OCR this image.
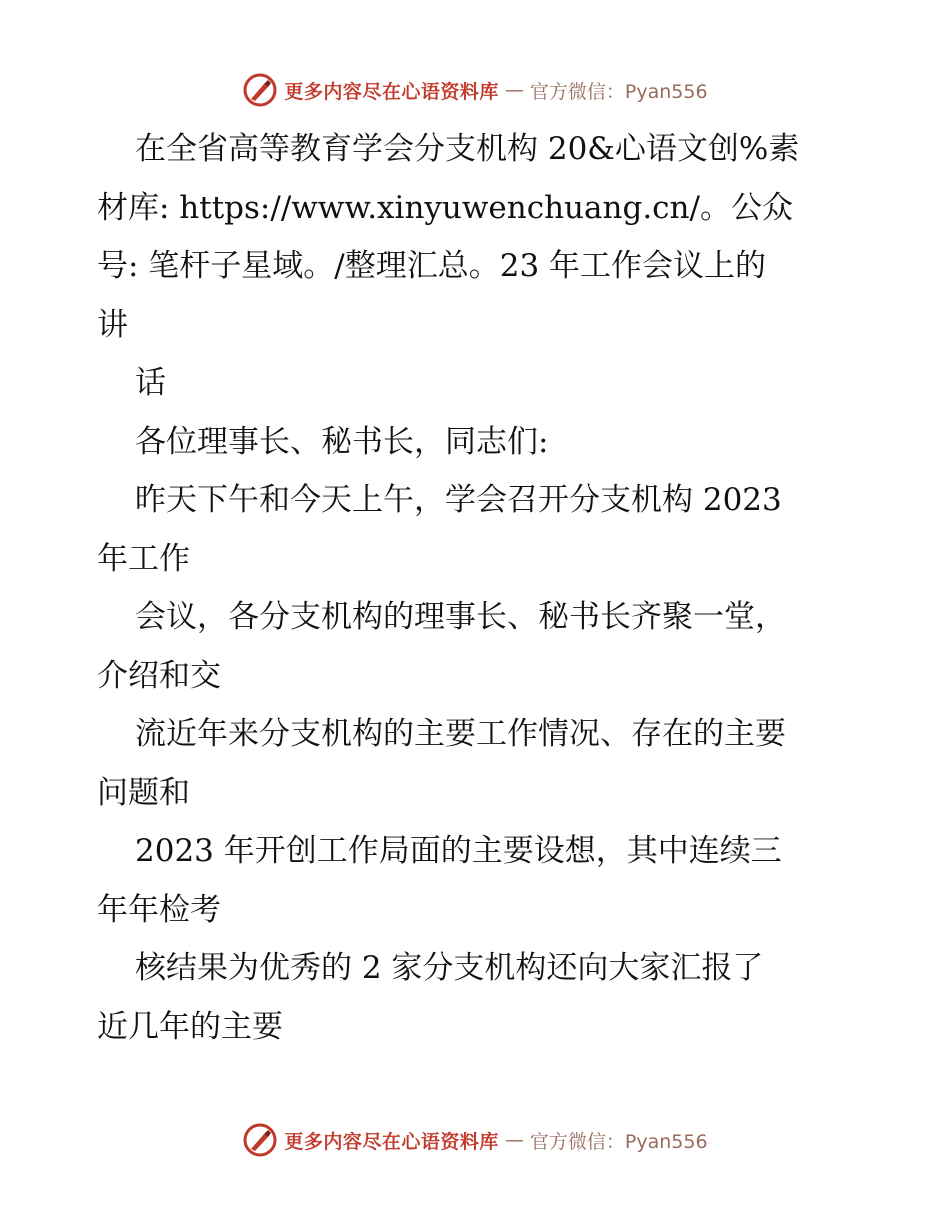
更多内容尽在心语资料库 — 官方微信：Pyan556
在全省高等教育学会分支机构 20&心语文创%素
材库: https://www.xinyuwenchuang.cn/。公众
号: 笔杆子星域。/整理汇总。23 年工作会议上的
讲
话
各位理事长、秘书长，同志们:
昨天下午和今天上午，学会召开分支机构 2023
年工作
会议，各分支机构的理事长、秘书长齐聚一堂，
介绍和交
流近年来分支机构的主要工作情况、存在的主要
问题和
2023 年开创工作局面的主要设想，其中连续三
年年检考
核结果为优秀的 2 家分支机构还向大家汇报了
近几年的主要
更多内容尽在心语资料库 — 官方微信：Pyan556
